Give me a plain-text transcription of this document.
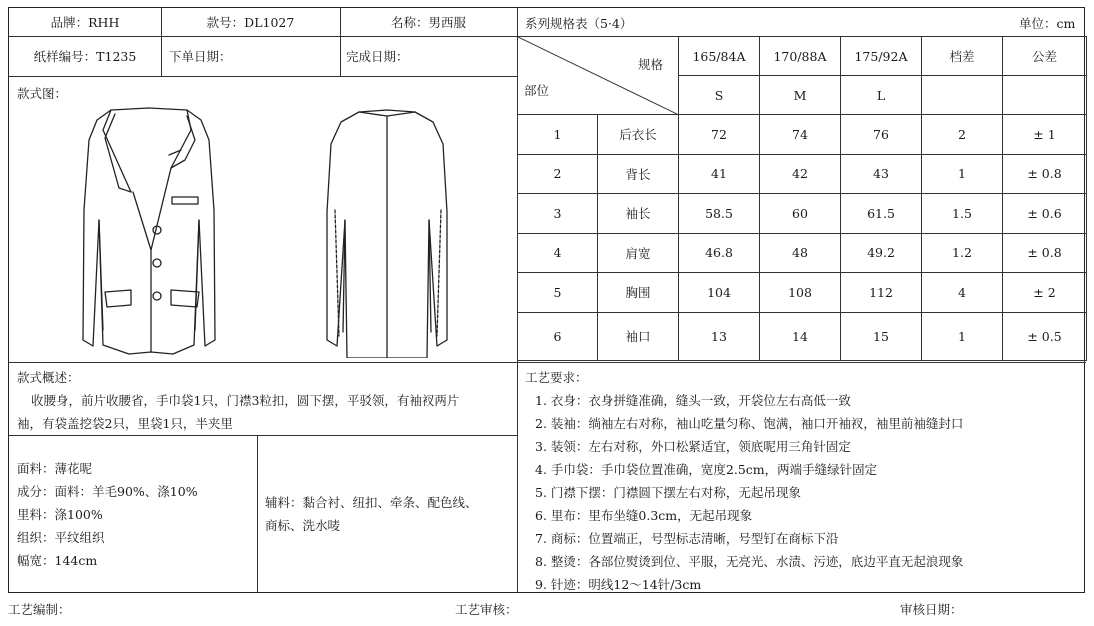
品牌：RHH	款号：DL1027	名称：男西服	系列规格表（5·4）	单位：cm
纸样编号：T1235	下单日期：	完成日期：
款式图：
规格
部位		165/84A	170/88A	175/92A	档差	公差
		S	M	L		
1	后衣长	72	74	76	2	± 1
2	背长	41	42	43	1	± 0.8
3	袖长	58.5	60	61.5	1.5	± 0.6
4	肩宽	46.8	48	49.2	1.2	± 0.8
5	胸围	104	108	112	4	± 2
6	袖口	13	14	15	1	± 0.5
款式概述：
收腰身，前片收腰省，手巾袋1只，门襟3粒扣，圆下摆，平驳领，有袖衩两片
袖，有袋盖挖袋2只，里袋1只，半夹里
面料：薄花呢
成分：面料：羊毛90%、涤10%
里料：涤100%
组织：平纹组织
幅宽：144cm
辅料：黏合衬、纽扣、牵条、配色线、
商标、洗水唛
工艺要求：
1. 衣身：衣身拼缝准确，缝头一致，开袋位左右高低一致
2. 装袖：绱袖左右对称，袖山吃量匀称、饱满，袖口开袖衩，袖里前袖缝封口
3. 装领：左右对称，外口松紧适宜，领底呢用三角针固定
4. 手巾袋：手巾袋位置准确，宽度2.5cm，两端手缝绿针固定
5. 门襟下摆：门襟圆下摆左右对称，无起吊现象
6. 里布：里布坐缝0.3cm，无起吊现象
7. 商标：位置端正，号型标志清晰，号型钉在商标下沿
8. 整烫：各部位熨烫到位、平服，无亮光、水渍、污迹，底边平直无起浪现象
9. 针迹：明线12～14针/3cm
工艺编制：	工艺审核：	审核日期：
